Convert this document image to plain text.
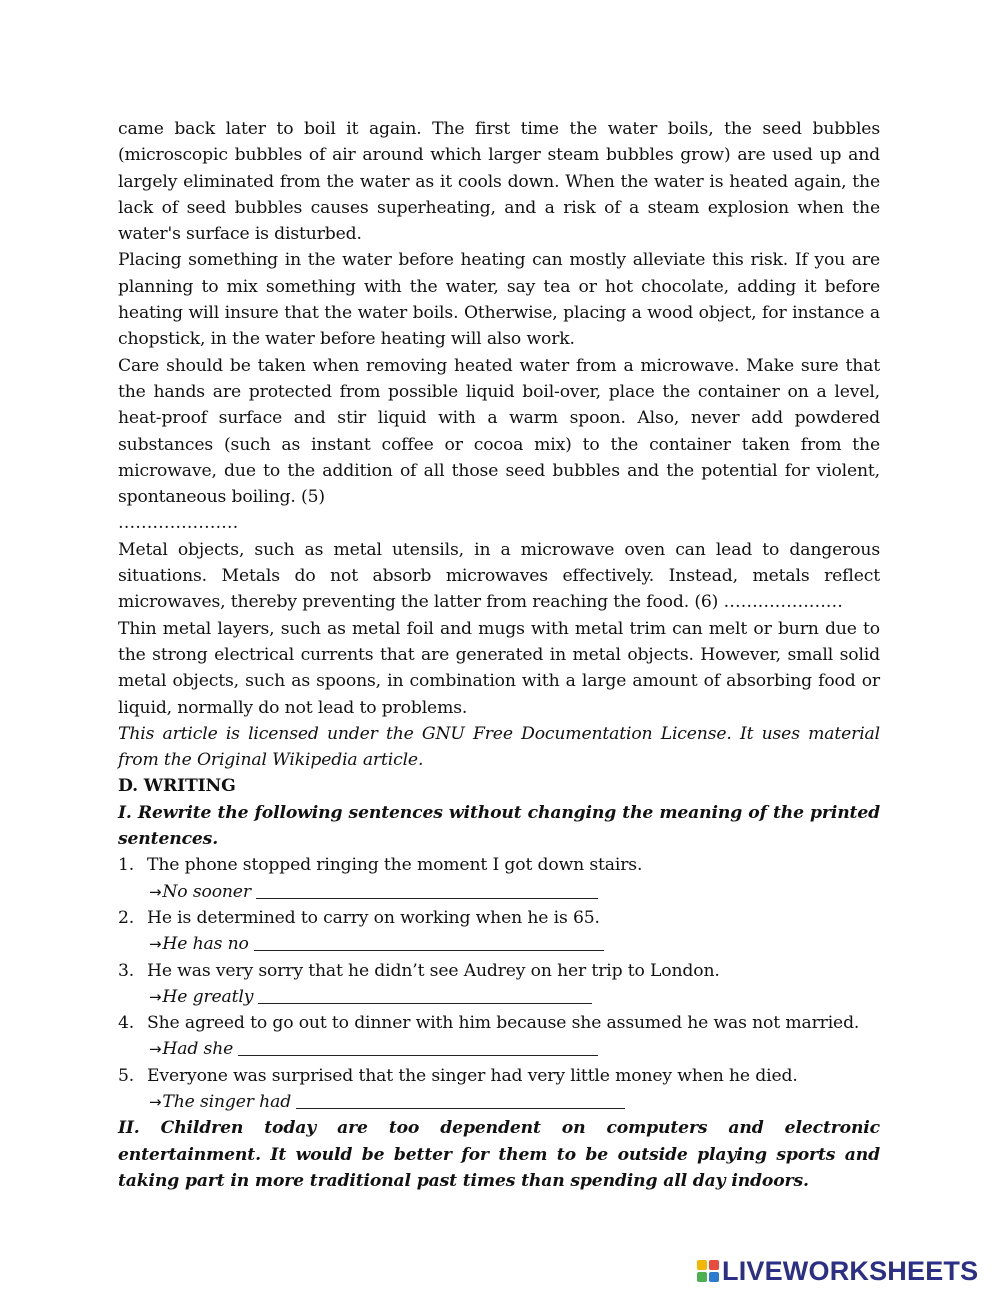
came back later to boil it again. The first time the water boils, the seed bubbles (microscopic bubbles of air around which larger steam bubbles grow) are used up and largely eliminated from the water as it cools down. When the water is heated again, the lack of seed bubbles causes superheating, and a risk of a steam explosion when the water's surface is disturbed.

Placing something in the water before heating can mostly alleviate this risk. If you are planning to mix something with the water, say tea or hot chocolate, adding it before heating will insure that the water boils. Otherwise, placing a wood object, for instance a chopstick, in the water before heating will also work.

Care should be taken when removing heated water from a microwave. Make sure that the hands are protected from possible liquid boil-over, place the container on a level, heat-proof surface and stir liquid with a warm spoon. Also, never add powdered substances (such as instant coffee or cocoa mix) to the container taken from the microwave, due to the addition of all those seed bubbles and the potential for violent, spontaneous boiling. (5)
…………………

Metal objects, such as metal utensils, in a microwave oven can lead to dangerous situations. Metals do not absorb microwaves effectively. Instead, metals reflect microwaves, thereby preventing the latter from reaching the food. (6) …………………

Thin metal layers, such as metal foil and mugs with metal trim can melt or burn due to the strong electrical currents that are generated in metal objects. However, small solid metal objects, such as spoons, in combination with a large amount of absorbing food or liquid, normally do not lead to problems.

This article is licensed under the GNU Free Documentation License. It uses material from the Original Wikipedia article.

D. WRITING

I. Rewrite the following sentences without changing the meaning of the printed sentences.

1. The phone stopped ringing the moment I got down stairs.

→ No sooner

2. He is determined to carry on working when he is 65.

→ He has no

3. He was very sorry that he didn’t see Audrey on her trip to London.

→ He greatly

4. She agreed to go out to dinner with him because she assumed he was not married.

→ Had she

5. Everyone was surprised that the singer had very little money when he died.

→ The singer had

II. Children today are too dependent on computers and electronic entertainment. It would be better for them to be outside playing sports and taking part in more traditional past times than spending all day indoors.

LIVEWORKSHEETS
